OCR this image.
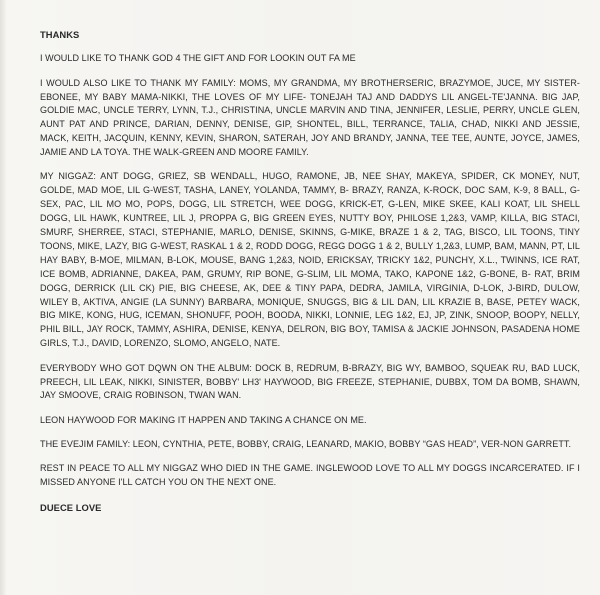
THANKS

I WOULD LIKE TO THANK GOD 4 THE GIFT AND FOR LOOKIN OUT FA ME

I WOULD ALSO LIKE TO THANK MY FAMILY: MOMS, MY GRANDMA, MY BROTHERSERIC, BRAZYMOE, JUCE, MY SISTER-EBONEE, MY BABY MAMA-NIKKI, THE LOVES OF MY LIFE- TONEJAH TAJ AND DADDYS LIL ANGEL-TE'JANNA. BIG JAP, GOLDIE MAC, UNCLE TERRY, LYNN, T.J., CHRISTINA, UNCLE MARVIN AND TINA, JENNIFER, LESLIE, PERRY, UNCLE GLEN, AUNT PAT AND PRINCE, DARIAN, DENNY, DENISE, GIP, SHONTEL, BILL, TERRANCE, TALIA, CHAD, NIKKI AND JESSIE, MACK, KEITH, JACQUIN, KENNY, KEVIN, SHARON, SATERAH, JOY AND BRANDY, JANNA, TEE TEE, AUNTE, JOYCE, JAMES, JAMIE AND LA TOYA. THE WALK-GREEN AND MOORE FAMILY.

MY NIGGAZ: ANT DOGG, GRIEZ, SB WENDALL, HUGO, RAMONE, JB, NEE SHAY, MAKEYA, SPIDER, CK MONEY, NUT, GOLDE, MAD MOE, LIL G-WEST, TASHA, LANEY, YOLANDA, TAMMY, B- BRAZY, RANZA, K-ROCK, DOC SAM, K-9, 8 BALL, G-SEX, PAC, LIL MO MO, POPS, DOGG, LIL STRETCH, WEE DOGG, KRICK-ET, G-LEN, MIKE SKEE, KALI KOAT, LIL SHELL DOGG, LIL HAWK, KUNTREE, LIL J, PROPPA G, BIG GREEN EYES, NUTTY BOY, PHILOSE 1,2&3, VAMP, KILLA, BIG STACI, SMURF, SHERREE, STACI, STEPHANIE, MARLO, DENISE, SKINNS, G-MIKE, BRAZE 1 & 2, TAG, BISCO, LIL TOONS, TINY TOONS, MIKE, LAZY, BIG G-WEST, RASKAL 1 & 2, RODD DOGG, REGG DOGG 1 & 2, BULLY 1,2&3, LUMP, BAM, MANN, PT, LIL HAY BABY, B-MOE, MILMAN, B-LOK, MOUSE, BANG 1,2&3, NOID, ERICKSAY, TRICKY 1&2, PUNCHY, X.L., TWINNS, ICE RAT, ICE BOMB, ADRIANNE, DAKEA, PAM, GRUMY, RIP BONE, G-SLIM, LIL MOMA, TAKO, KAPONE 1&2, G-BONE, B- RAT, BRIM DOGG, DERRICK (LIL CK) PIE, BIG CHEESE, AK, DEE & TINY PAPA, DEDRA, JAMILA, VIRGINIA, D-LOK, J-BIRD, DULOW, WILEY B, AKTIVA, ANGIE (LA SUNNY) BARBARA, MONIQUE, SNUGGS, BIG & LIL DAN, LIL KRAZIE B, BASE, PETEY WACK, BIG MIKE, KONG, HUG, ICEMAN, SHONUFF, POOH, BOODA, NIKKI, LONNIE, LEG 1&2, EJ, JP, ZINK, SNOOP, BOOPY, NELLY, PHIL BILL, JAY ROCK, TAMMY, ASHIRA, DENISE, KENYA, DELRON, BIG BOY, TAMISA & JACKIE JOHNSON, PASADENA HOME GIRLS, T.J., DAVID, LORENZO, SLOMO, ANGELO, NATE.

EVERYBODY WHO GOT DQWN ON THE ALBUM: DOCK B, REDRUM, B-BRAZY, BIG WY, BAMBOO, SQUEAK RU, BAD LUCK, PREECH, LIL LEAK, NIKKI, SINISTER, BOBBY' LH3' HAYWOOD, BIG FREEZE, STEPHANIE, DUBBX, TOM DA BOMB, SHAWN, JAY SMOOVE, CRAIG ROBINSON, TWAN WAN.

LEON HAYWOOD FOR MAKING IT HAPPEN AND TAKING A CHANCE ON ME.

THE EVEJIM FAMILY: LEON, CYNTHIA, PETE, BOBBY, CRAIG, LEANARD, MAKIO, BOBBY “GAS HEAD”, VER-NON GARRETT.

REST IN PEACE TO ALL MY NIGGAZ WHO DIED IN THE GAME. INGLEWOOD LOVE TO ALL MY DOGGS INCARCERATED. IF I MISSED ANYONE I'LL CATCH YOU ON THE NEXT ONE.

DUECE LOVE
